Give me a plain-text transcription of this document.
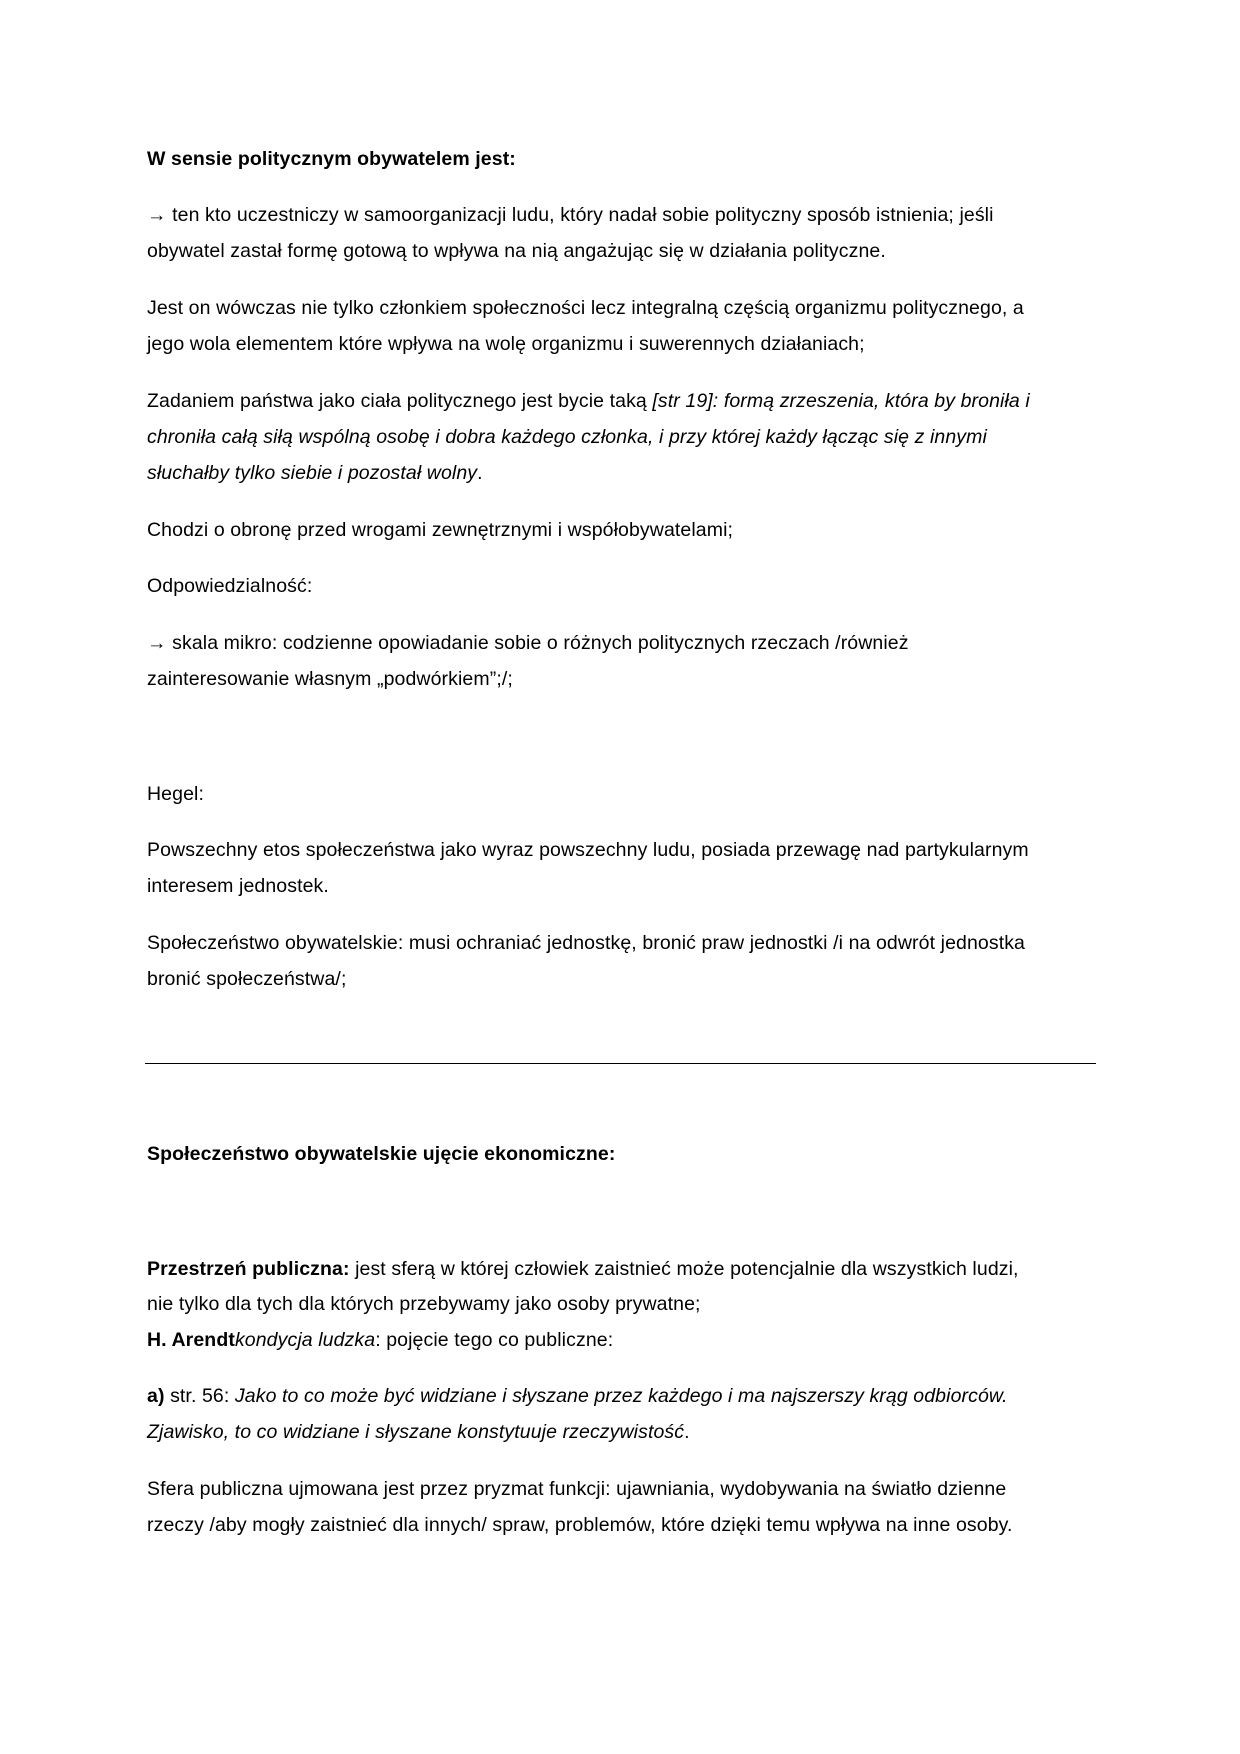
W sensie politycznym obywatelem jest:
→ ten kto uczestniczy w samoorganizacji ludu, który nadał sobie polityczny sposób istnienia; jeśli
obywatel zastał formę gotową to wpływa na nią angażując się w działania polityczne.
Jest on wówczas nie tylko członkiem społeczności lecz integralną częścią organizmu politycznego, a
jego wola elementem które wpływa na wolę organizmu i suwerennych działaniach;
Zadaniem państwa jako ciała politycznego jest bycie taką [str 19]: formą zrzeszenia, która by broniła i
chroniła całą siłą wspólną osobę i dobra każdego członka, i przy której każdy łącząc się z innymi
słuchałby tylko siebie i pozostał wolny.
Chodzi o obronę przed wrogami zewnętrznymi i współobywatelami;
Odpowiedzialność:
→ skala mikro: codzienne opowiadanie sobie o różnych politycznych rzeczach /również
zainteresowanie własnym „podwórkiem”;/;
Hegel:
Powszechny etos społeczeństwa jako wyraz powszechny ludu, posiada przewagę nad partykularnym
interesem jednostek.
Społeczeństwo obywatelskie: musi ochraniać jednostkę, bronić praw jednostki /i na odwrót jednostka
bronić społeczeństwa/;
Społeczeństwo obywatelskie ujęcie ekonomiczne:
Przestrzeń publiczna: jest sferą w której człowiek zaistnieć może potencjalnie dla wszystkich ludzi,
nie tylko dla tych dla których przebywamy jako osoby prywatne;
H. Arendtkondycja ludzka: pojęcie tego co publiczne:
a) str. 56: Jako to co może być widziane i słyszane przez każdego i ma najszerszy krąg odbiorców.
Zjawisko, to co widziane i słyszane konstytuuje rzeczywistość.
Sfera publiczna ujmowana jest przez pryzmat funkcji: ujawniania, wydobywania na światło dzienne
rzeczy /aby mogły zaistnieć dla innych/ spraw, problemów, które dzięki temu wpływa na inne osoby.
